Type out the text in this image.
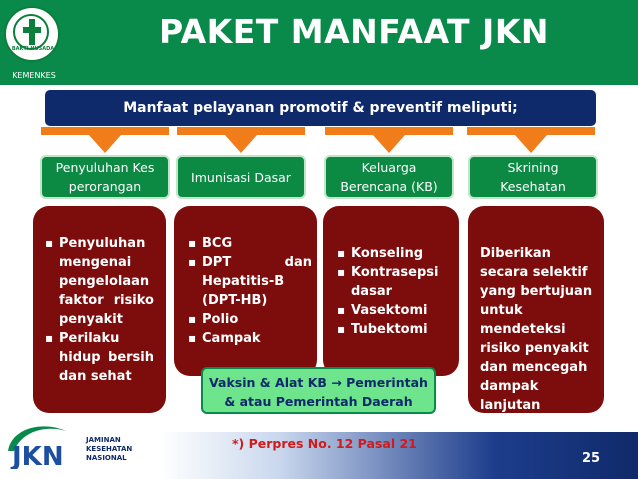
BAKTI HUSADA
KEMENKES
PAKET MANFAAT JKN
Manfaat pelayanan promotif & preventif meliputi;
Penyuluhan Kes perorangan
Imunisasi Dasar
Keluarga Berencana (KB)
Skrining Kesehatan
▪ Penyuluhan mengenai pengelolaan faktor risiko penyakit
▪ Perilaku hidup bersih dan sehat
▪ BCG
▪ DPT dan Hepatitis-B (DPT-HB)
▪ Polio
▪ Campak
▪ Konseling
▪ Kontrasepsi dasar
▪ Vasektomi
▪ Tubektomi
Diberikan secara selektif yang bertujuan untuk mendeteksi risiko penyakit dan mencegah dampak lanjutan
Vaksin & Alat KB → Pemerintah
& atau Pemerintah Daerah
*) Perpres No. 12 Pasal 21
25
JKN
JAMINAN
KESEHATAN
NASIONAL
